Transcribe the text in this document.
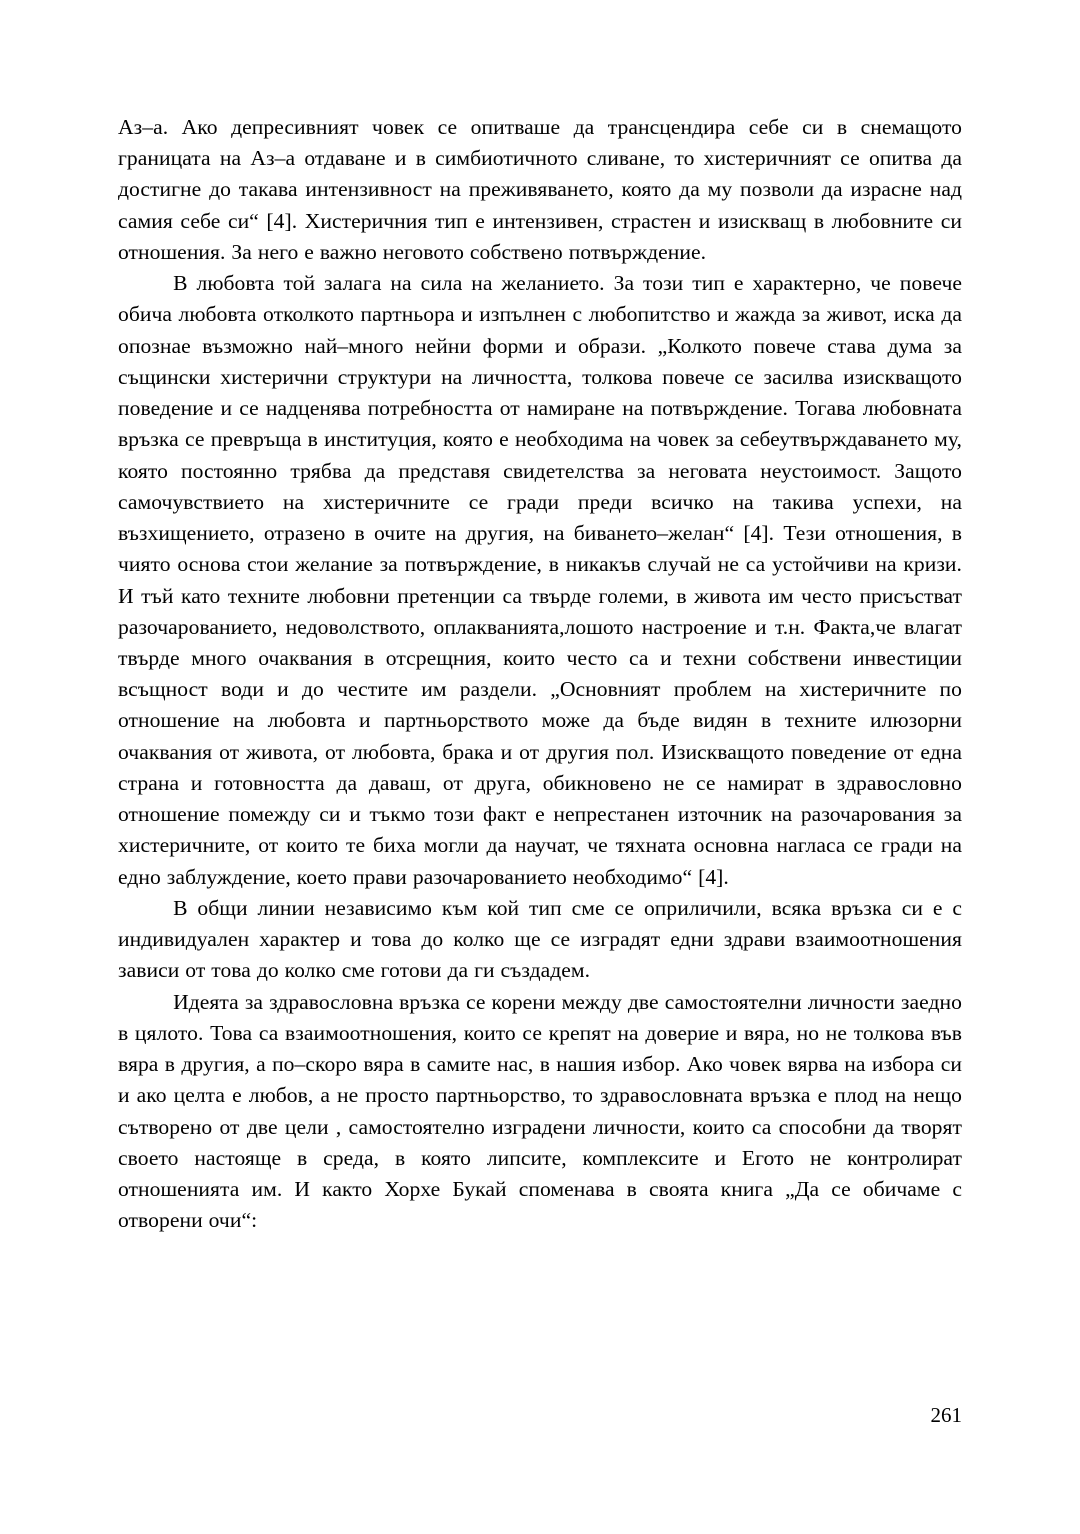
Аз–а. Ако депресивният човек се опитваше да трансцендира себе си в снемащото границата на Аз–а отдаване и в симбиотичното сливане, то хистеричният се опитва да достигне до такава интензивност на преживяването, която да му позволи да израсне над самия себе си“ [4]. Хистеричния тип е интензивен, страстен и изискващ в любовните си отношения. За него е важно неговото собствено потвърждение.

В любовта той залага на сила на желанието. За този тип е характерно, че повече обича любовта отколкото партньора и изпълнен с любопитство и жажда за живот, иска да опознае възможно най–много нейни форми и образи. „Колкото повече става дума за същински хистерични структури на личността, толкова повече се засилва изискващото поведение и се надценява потребността от намиране на потвърждение. Тогава любовната връзка се превръща в институция, която е необходима на човек за себеутвърждаването му, която постоянно трябва да представя свидетелства за неговата неустоимост. Защото самочувствието на хистеричните се гради преди всичко на такива успехи, на възхищението, отразено в очите на другия, на биването–желан“ [4]. Тези отношения, в чиято основа стои желание за потвърждение, в никакъв случай не са устойчиви на кризи. И тъй като техните любовни претенции са твърде големи, в живота им често присъстват разочарованието, недоволството, оплакванията,лошото настроение и т.н. Факта,че влагат твърде много очаквания в отсрещния, които често са и техни собствени инвестиции всъщност води и до честите им раздели. „Основният проблем на хистеричните по отношение на любовта и партньорството може да бъде видян в техните илюзорни очаквания от живота, от любовта, брака и от другия пол. Изискващото поведение от една страна и готовността да даваш, от друга, обикновено не се намират в здравословно отношение помежду си и тъкмо този факт е непрестанен източник на разочарования за хистеричните, от които те биха могли да научат, че тяхната основна нагласа се гради на едно заблуждение, което прави разочарованието необходимо“ [4].

В общи линии независимо към кой тип сме се оприличили, всяка връзка си е с индивидуален характер и това до колко ще се изградят едни здрави взаимоотношения зависи от това до колко сме готови да ги създадем.

Идеята за здравословна връзка се корени между две самостоятелни личности заедно в цялото. Това са взаимоотношения, които се крепят на доверие и вяра, но не толкова във вяра в другия, а по–скоро вяра в самите нас, в нашия избор. Ако човек вярва на избора си и ако целта е любов, а не просто партньорство, то здравословната връзка е плод на нещо сътворено от две цели , самостоятелно изградени личности, които са способни да творят своето настояще в среда, в която липсите, комплексите и Егото не контролират отношенията им. И както Хорхе Букай споменава в своята книга „Да се обичаме с отворени очи“:

261
